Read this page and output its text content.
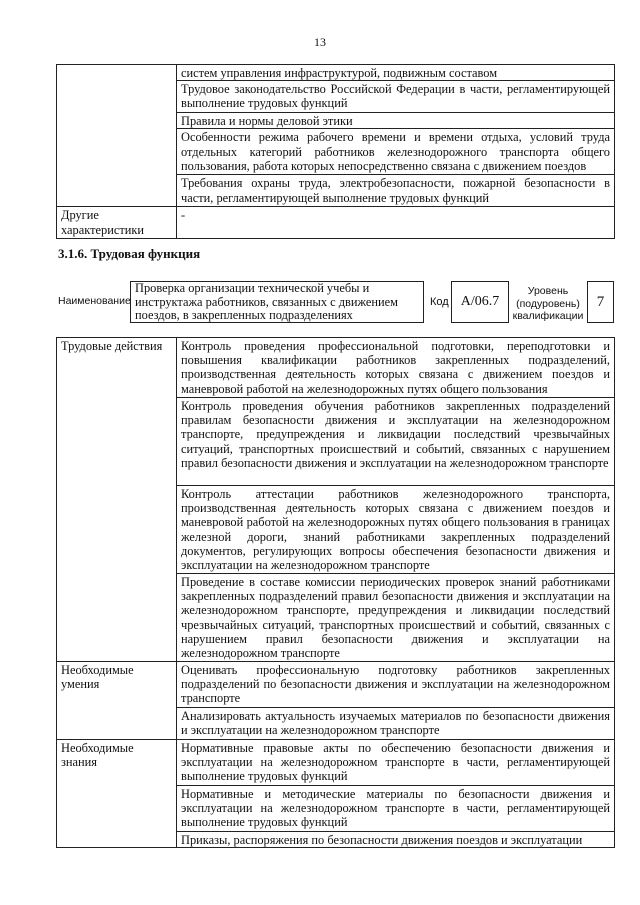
13
	систем управления инфраструктурой, подвижным составом
	Трудовое законодательство Российской Федерации в части, регламентирующей выполнение трудовых функций
	Правила и нормы деловой этики
	Особенности режима рабочего времени и времени отдыха, условий труда отдельных категорий работников железнодорожного транспорта общего пользования, работа которых непосредственно связана с движением поездов
	Требования охраны труда, электробезопасности, пожарной безопасности в части, регламентирующей выполнение трудовых функций
Другие характеристики	-
3.1.6. Трудовая функция
Наименование
Проверка организации технической учебы и инструктажа работников, связанных с движением поездов, в закрепленных подразделениях
Код A/06.7
Уровень (подуровень) квалификации
7
Трудовые действия	Контроль проведения профессиональной подготовки, переподготовки и повышения квалификации работников закрепленных подразделений, производственная деятельность которых связана с движением поездов и маневровой работой на железнодорожных путях общего пользования
	Контроль проведения обучения работников закрепленных подразделений правилам безопасности движения и эксплуатации на железнодорожном транспорте, предупреждения и ликвидации последствий чрезвычайных ситуаций, транспортных происшествий и событий, связанных с нарушением правил безопасности движения и эксплуатации на железнодорожном транспорте
	Контроль аттестации работников железнодорожного транспорта, производственная деятельность которых связана с движением поездов и маневровой работой на железнодорожных путях общего пользования в границах железной дороги, знаний работниками закрепленных подразделений документов, регулирующих вопросы обеспечения безопасности движения и эксплуатации на железнодорожном транспорте
	Проведение в составе комиссии периодических проверок знаний работниками закрепленных подразделений правил безопасности движения и эксплуатации на железнодорожном транспорте, предупреждения и ликвидации последствий чрезвычайных ситуаций, транспортных происшествий и событий, связанных с нарушением правил безопасности движения и эксплуатации на железнодорожном транспорте
Необходимые умения	Оценивать профессиональную подготовку работников закрепленных подразделений по безопасности движения и эксплуатации на железнодорожном транспорте
	Анализировать актуальность изучаемых материалов по безопасности движения и эксплуатации на железнодорожном транспорте
Необходимые знания	Нормативные правовые акты по обеспечению безопасности движения и эксплуатации на железнодорожном транспорте в части, регламентирующей выполнение трудовых функций
	Нормативные и методические материалы по безопасности движения и эксплуатации на железнодорожном транспорте в части, регламентирующей выполнение трудовых функций
	Приказы, распоряжения по безопасности движения поездов и эксплуатации
